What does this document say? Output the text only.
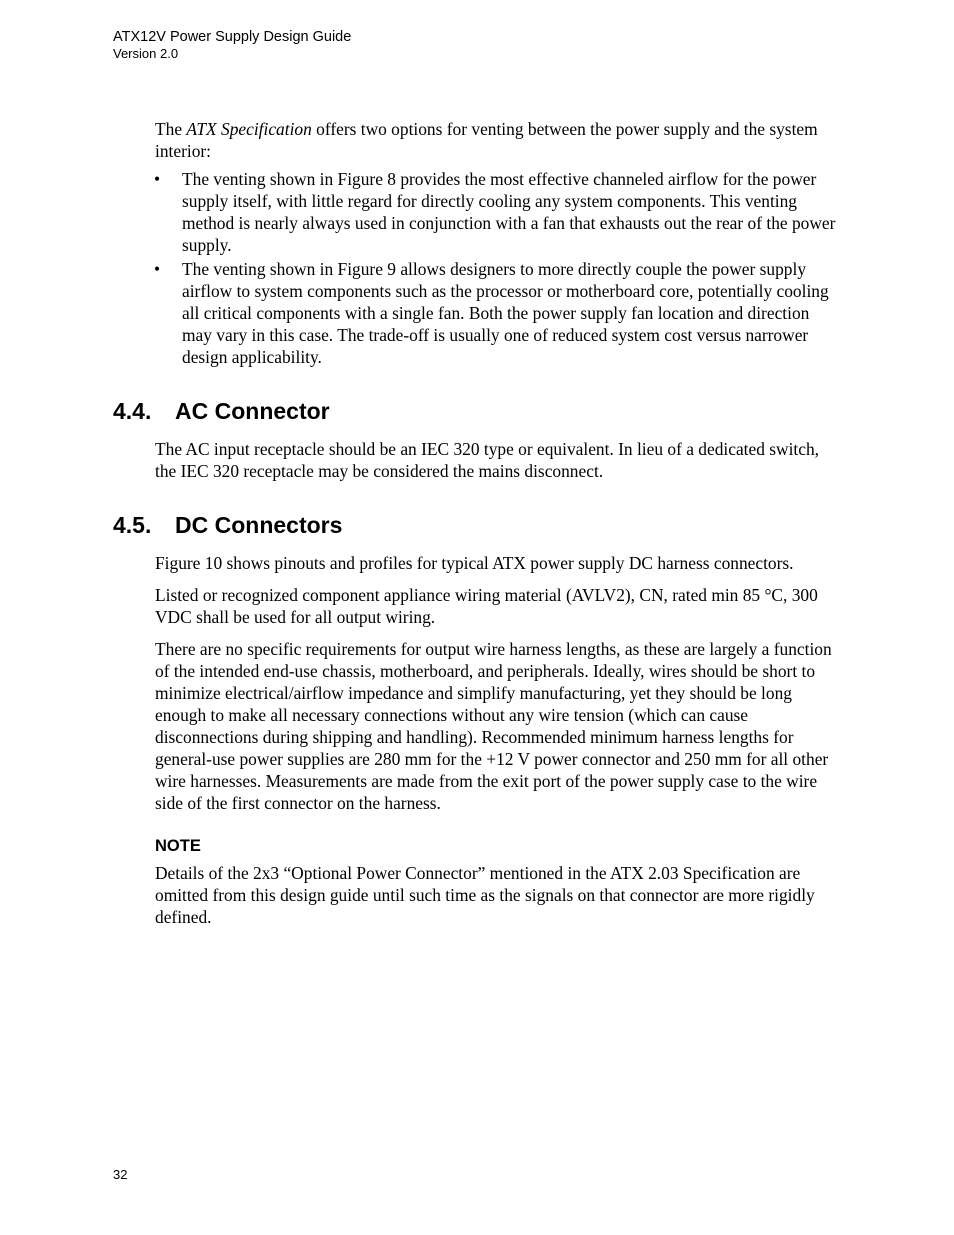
ATX12V Power Supply Design Guide
Version 2.0

The ATX Specification offers two options for venting between the power supply and the system interior:

• The venting shown in Figure 8 provides the most effective channeled airflow for the power supply itself, with little regard for directly cooling any system components. This venting method is nearly always used in conjunction with a fan that exhausts out the rear of the power supply.
• The venting shown in Figure 9 allows designers to more directly couple the power supply airflow to system components such as the processor or motherboard core, potentially cooling all critical components with a single fan. Both the power supply fan location and direction may vary in this case. The trade-off is usually one of reduced system cost versus narrower design applicability.
4.4. AC Connector

The AC input receptacle should be an IEC 320 type or equivalent. In lieu of a dedicated switch, the IEC 320 receptacle may be considered the mains disconnect.

4.5. DC Connectors

Figure 10 shows pinouts and profiles for typical ATX power supply DC harness connectors.

Listed or recognized component appliance wiring material (AVLV2), CN, rated min 85 °C, 300 VDC shall be used for all output wiring.

There are no specific requirements for output wire harness lengths, as these are largely a function of the intended end-use chassis, motherboard, and peripherals. Ideally, wires should be short to minimize electrical/airflow impedance and simplify manufacturing, yet they should be long enough to make all necessary connections without any wire tension (which can cause disconnections during shipping and handling). Recommended minimum harness lengths for general-use power supplies are 280 mm for the +12 V power connector and 250 mm for all other wire harnesses. Measurements are made from the exit port of the power supply case to the wire side of the first connector on the harness.

NOTE

Details of the 2x3 “Optional Power Connector” mentioned in the ATX 2.03 Specification are omitted from this design guide until such time as the signals on that connector are more rigidly defined.

32
